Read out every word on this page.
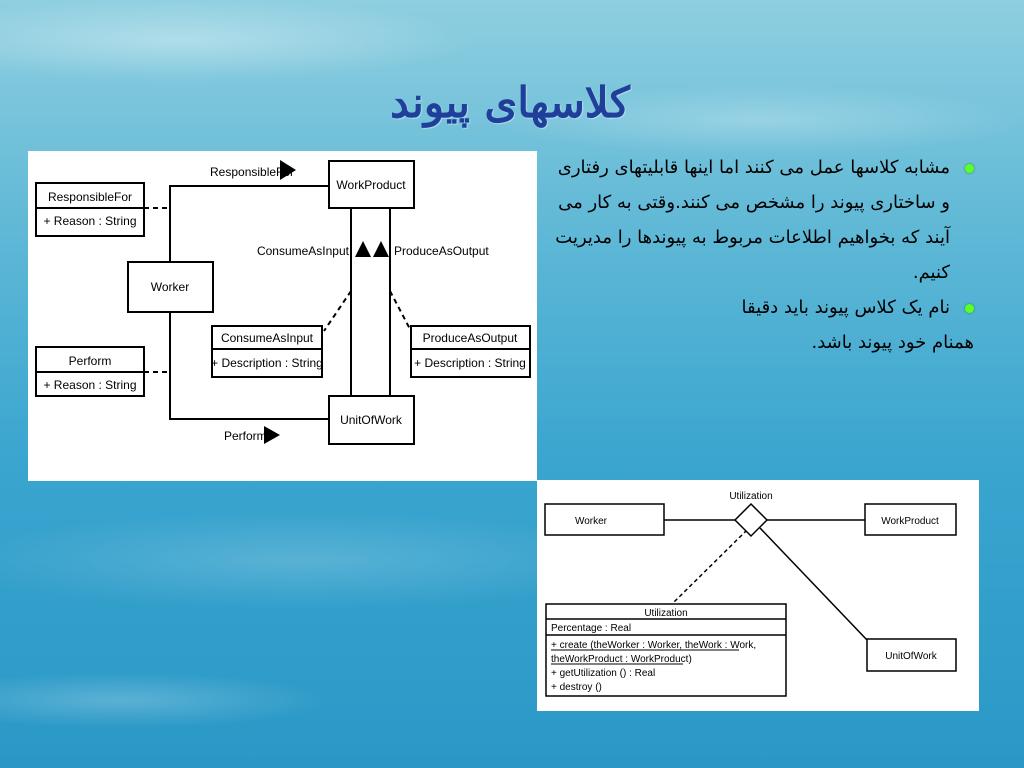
کلاسهای پیوند
ResponsibleFor
+ Reason : String
Perform
+ Reason : String
Worker
WorkProduct
UnitOfWork
ConsumeAsInput
+ Description : String
ProduceAsOutput
+ Description : String
ResponsibleFor
Perform
ConsumeAsInput	ProduceAsOutput
Utilization
Worker	WorkProduct
UnitOfWork
Utilization
Percentage : Real
+ create (theWorker : Worker, theWork : Work,
theWorkProduct : WorkProduct)
+ getUtilization () : Real
+ destroy ()
مشابه کلاسها عمل می کنند اما اینها قابلیتهای رفتاری و ساختاری پیوند را مشخص می کنند.وقتی به کار می آیند که بخواهیم اطلاعات مربوط به پیوندها را مدیریت کنیم.
نام یک کلاس پیوند باید دقیقا
همنام خود پیوند باشد.
